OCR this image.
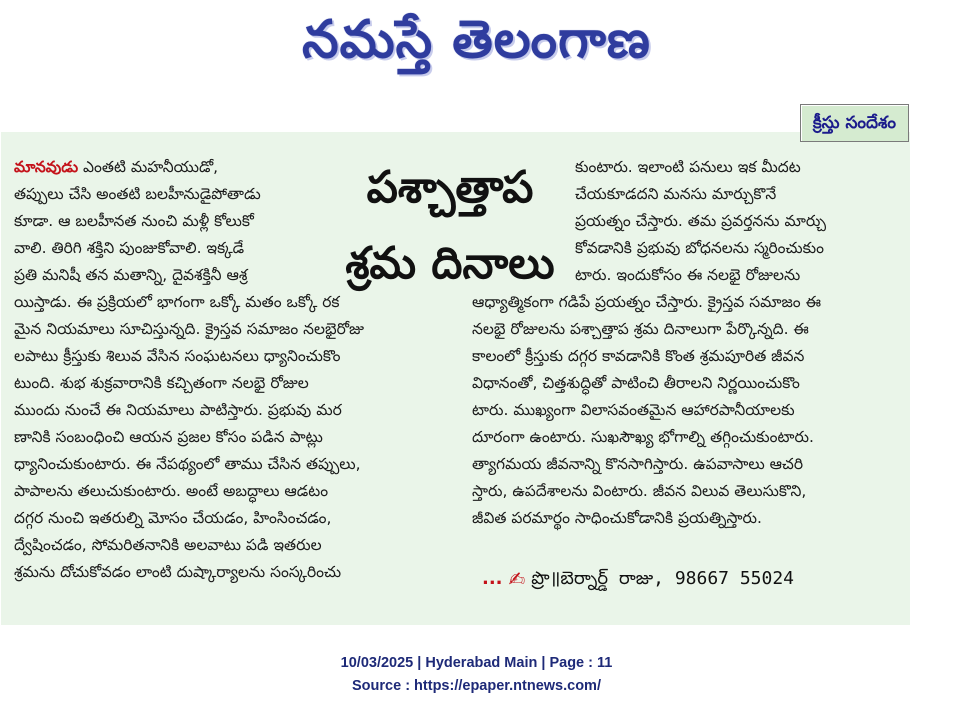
నమస్తే తెలంగాణ
క్రీస్తు సందేశం

మానవుడు ఎంతటి మహనీయుడో,

తప్పులు చేసి అంతటి బలహీనుడైపోతాడు

కూడా. ఆ బలహీనత నుంచి మళ్లీ కోలుకో

వాలి. తిరిగి శక్తిని పుంజుకోవాలి. ఇక్కడే

ప్రతి మనిషీ తన మతాన్ని, దైవశక్తినీ ఆశ్ర

యిస్తాడు. ఈ ప్రక్రియలో భాగంగా ఒక్కో మతం ఒక్కో రక

మైన నియమాలు సూచిస్తున్నది. క్రైస్తవ సమాజం నలభైరోజు

లపాటు క్రీస్తుకు శిలువ వేసిన సంఘటనలు ధ్యానించుకొం

టుంది. శుభ శుక్రవారానికి కచ్చితంగా నలభై రోజుల

ముందు నుంచే ఈ నియమాలు పాటిస్తారు. ప్రభువు మర

ణానికి సంబంధించి ఆయన ప్రజల కోసం పడిన పాట్లు

ధ్యానించుకుంటారు. ఈ నేపథ్యంలో తాము చేసిన తప్పులు,

పాపాలను తలుచుకుంటారు. అంటే అబద్ధాలు ఆడటం

దగ్గర నుంచి ఇతరుల్ని మోసం చేయడం, హింసించడం,

ద్వేషించడం, సోమరితనానికి అలవాటు పడి ఇతరుల

శ్రమను దోచుకోవడం లాంటి దుష్కార్యాలను సంస్కరించు

పశ్చాత్తాప
శ్రమ దినాలు

కుంటారు. ఇలాంటి పనులు ఇక మీదట

చేయకూడదని మనసు మార్చుకొనే

ప్రయత్నం చేస్తారు. తమ ప్రవర్తనను మార్చు

కోవడానికి ప్రభువు బోధనలను స్మరించుకుం

టారు. ఇందుకోసం ఈ నలభై రోజులను

ఆధ్యాత్మికంగా గడిపే ప్రయత్నం చేస్తారు. క్రైస్తవ సమాజం ఈ

నలభై రోజులను పశ్చాత్తాప శ్రమ దినాలుగా పేర్కొన్నది. ఈ

కాలంలో క్రీస్తుకు దగ్గర కావడానికి కొంత శ్రమపూరిత జీవన

విధానంతో, చిత్తశుద్ధితో పాటించి తీరాలని నిర్ణయించుకొం

టారు. ముఖ్యంగా విలాసవంతమైన ఆహారపానీయాలకు

దూరంగా ఉంటారు. సుఖసౌఖ్య భోగాల్ని తగ్గించుకుంటారు.

త్యాగమయ జీవనాన్ని కొనసాగిస్తారు. ఉపవాసాలు ఆచరి

స్తారు, ఉపదేశాలను వింటారు. జీవన విలువ తెలుసుకొని,

జీవిత పరమార్థం సాధించుకోడానికి ప్రయత్నిస్తారు.

... ✍ ప్రొ॥బెర్నార్డ్ రాజు, 98667 55024
10/03/2025 | Hyderabad Main | Page : 11
Source : https://epaper.ntnews.com/
